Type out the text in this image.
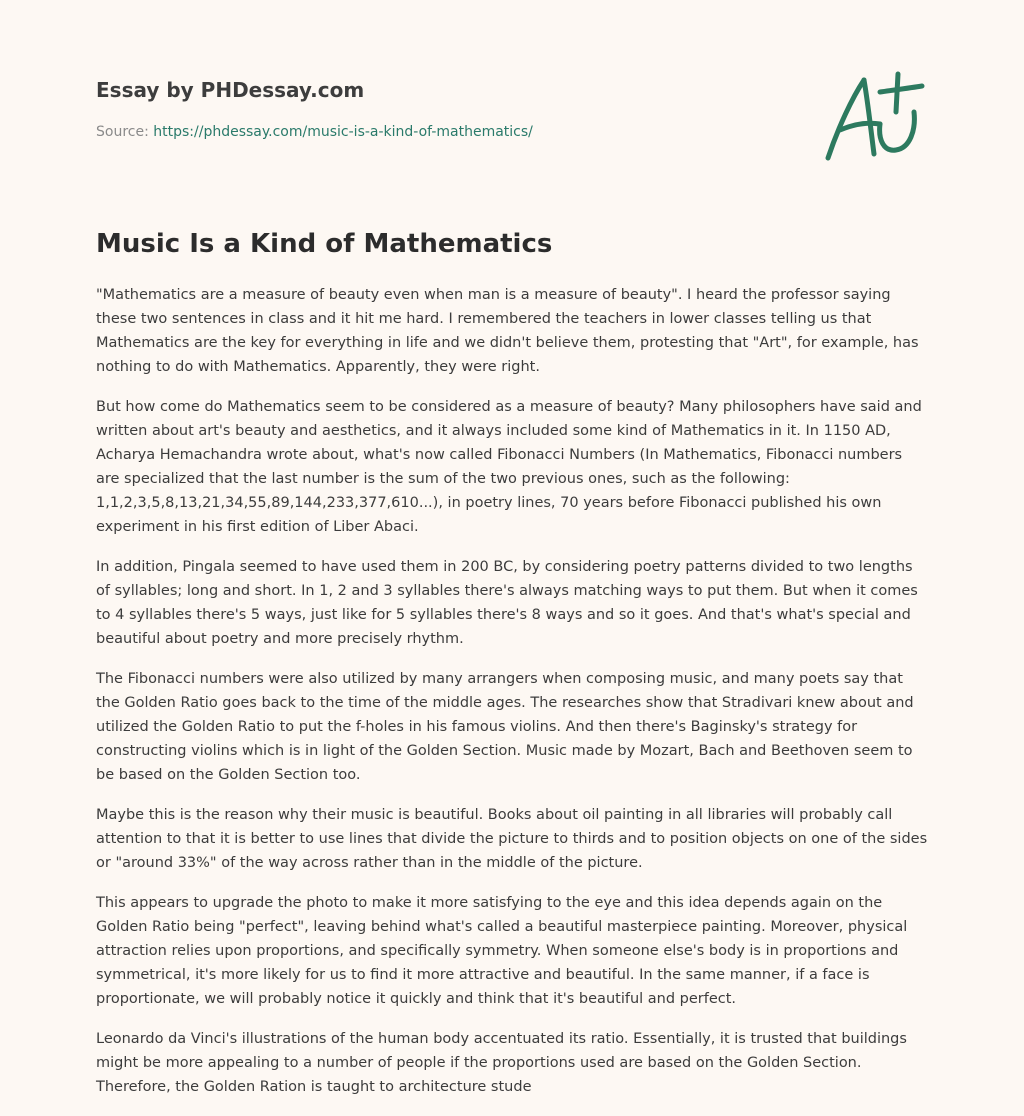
Essay by PHDessay.com
Source: https://phdessay.com/music-is-a-kind-of-mathematics/
Music Is a Kind of Mathematics

"Mathematics are a measure of beauty even when man is a measure of beauty". I heard the professor saying these two sentences in class and it hit me hard. I remembered the teachers in lower classes telling us that Mathematics are the key for everything in life and we didn't believe them, protesting that "Art", for example, has nothing to do with Mathematics. Apparently, they were right.

But how come do Mathematics seem to be considered as a measure of beauty? Many philosophers have said and written about art's beauty and aesthetics, and it always included some kind of Mathematics in it. In 1150 AD, Acharya Hemachandra wrote about, what's now called Fibonacci Numbers (In Mathematics, Fibonacci numbers are specialized that the last number is the sum of the two previous ones, such as the following: 1,1,2,3,5,8,13,21,34,55,89,144,233,377,610...), in poetry lines, 70 years before Fibonacci published his own experiment in his first edition of Liber Abaci.

In addition, Pingala seemed to have used them in 200 BC, by considering poetry patterns divided to two lengths of syllables; long and short. In 1, 2 and 3 syllables there's always matching ways to put them. But when it comes to 4 syllables there's 5 ways, just like for 5 syllables there's 8 ways and so it goes. And that's what's special and beautiful about poetry and more precisely rhythm.

The Fibonacci numbers were also utilized by many arrangers when composing music, and many poets say that the Golden Ratio goes back to the time of the middle ages. The researches show that Stradivari knew about and utilized the Golden Ratio to put the f-holes in his famous violins. And then there's Baginsky's strategy for constructing violins which is in light of the Golden Section. Music made by Mozart, Bach and Beethoven seem to be based on the Golden Section too.

Maybe this is the reason why their music is beautiful. Books about oil painting in all libraries will probably call attention to that it is better to use lines that divide the picture to thirds and to position objects on one of the sides or "around 33%" of the way across rather than in the middle of the picture.

This appears to upgrade the photo to make it more satisfying to the eye and this idea depends again on the Golden Ratio being "perfect", leaving behind what's called a beautiful masterpiece painting. Moreover, physical attraction relies upon proportions, and specifically symmetry. When someone else's body is in proportions and symmetrical, it's more likely for us to find it more attractive and beautiful. In the same manner, if a face is proportionate, we will probably notice it quickly and think that it's beautiful and perfect.

Leonardo da Vinci's illustrations of the human body accentuated its ratio. Essentially, it is trusted that buildings might be more appealing to a number of people if the proportions used are based on the Golden Section. Therefore, the Golden Ration is taught to architecture stude
